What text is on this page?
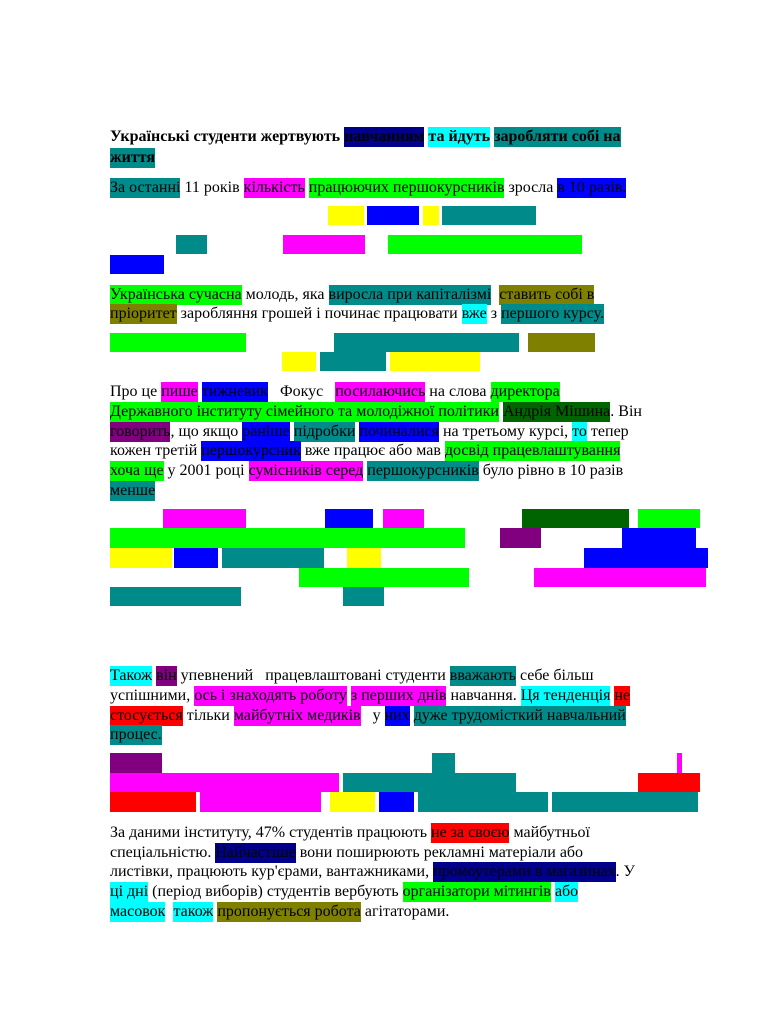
Українські студенти жертвують навчанням та йдуть заробляти собі на
життя
За останні 11 років кількість працюючих першокурсників зросла в 10 разів.
Українська сучасна молодь, яка виросла при капіталізмі ставить собі в
пріоритет заробляння грошей і починає працювати вже з першого курсу.
Про це пише тижневик   Фокус   посилаючись на слова директора
Державного інституту сімейного та молодіжної політики Андрія Мішина. Він
говорить, що якщо раніше підробки починалися на третьому курсі, то тепер
кожен третій першокурсник вже працює або мав досвід працевлаштування
хоча ще у 2001 році сумісників серед першокурсників було рівно в 10 разів
менше
Також він упевнений   працевлаштовані студенти вважають себе більш
успішними, ось і знаходять роботу з перших днів навчання. Ця тенденція не
стосується тільки майбутніх медиків   у них дуже трудомісткий навчальний
процес.
За даними інституту, 47% студентів працюють не за своєю майбутньої
спеціальністю. Найчастіше вони поширюють рекламні матеріали або
листівки, працюють кур'єрами, вантажниками, промоутерами в магазинах. У
ці дні (період виборів) студентів вербують організатори мітингів або
масовок також пропонується робота агітаторами.
